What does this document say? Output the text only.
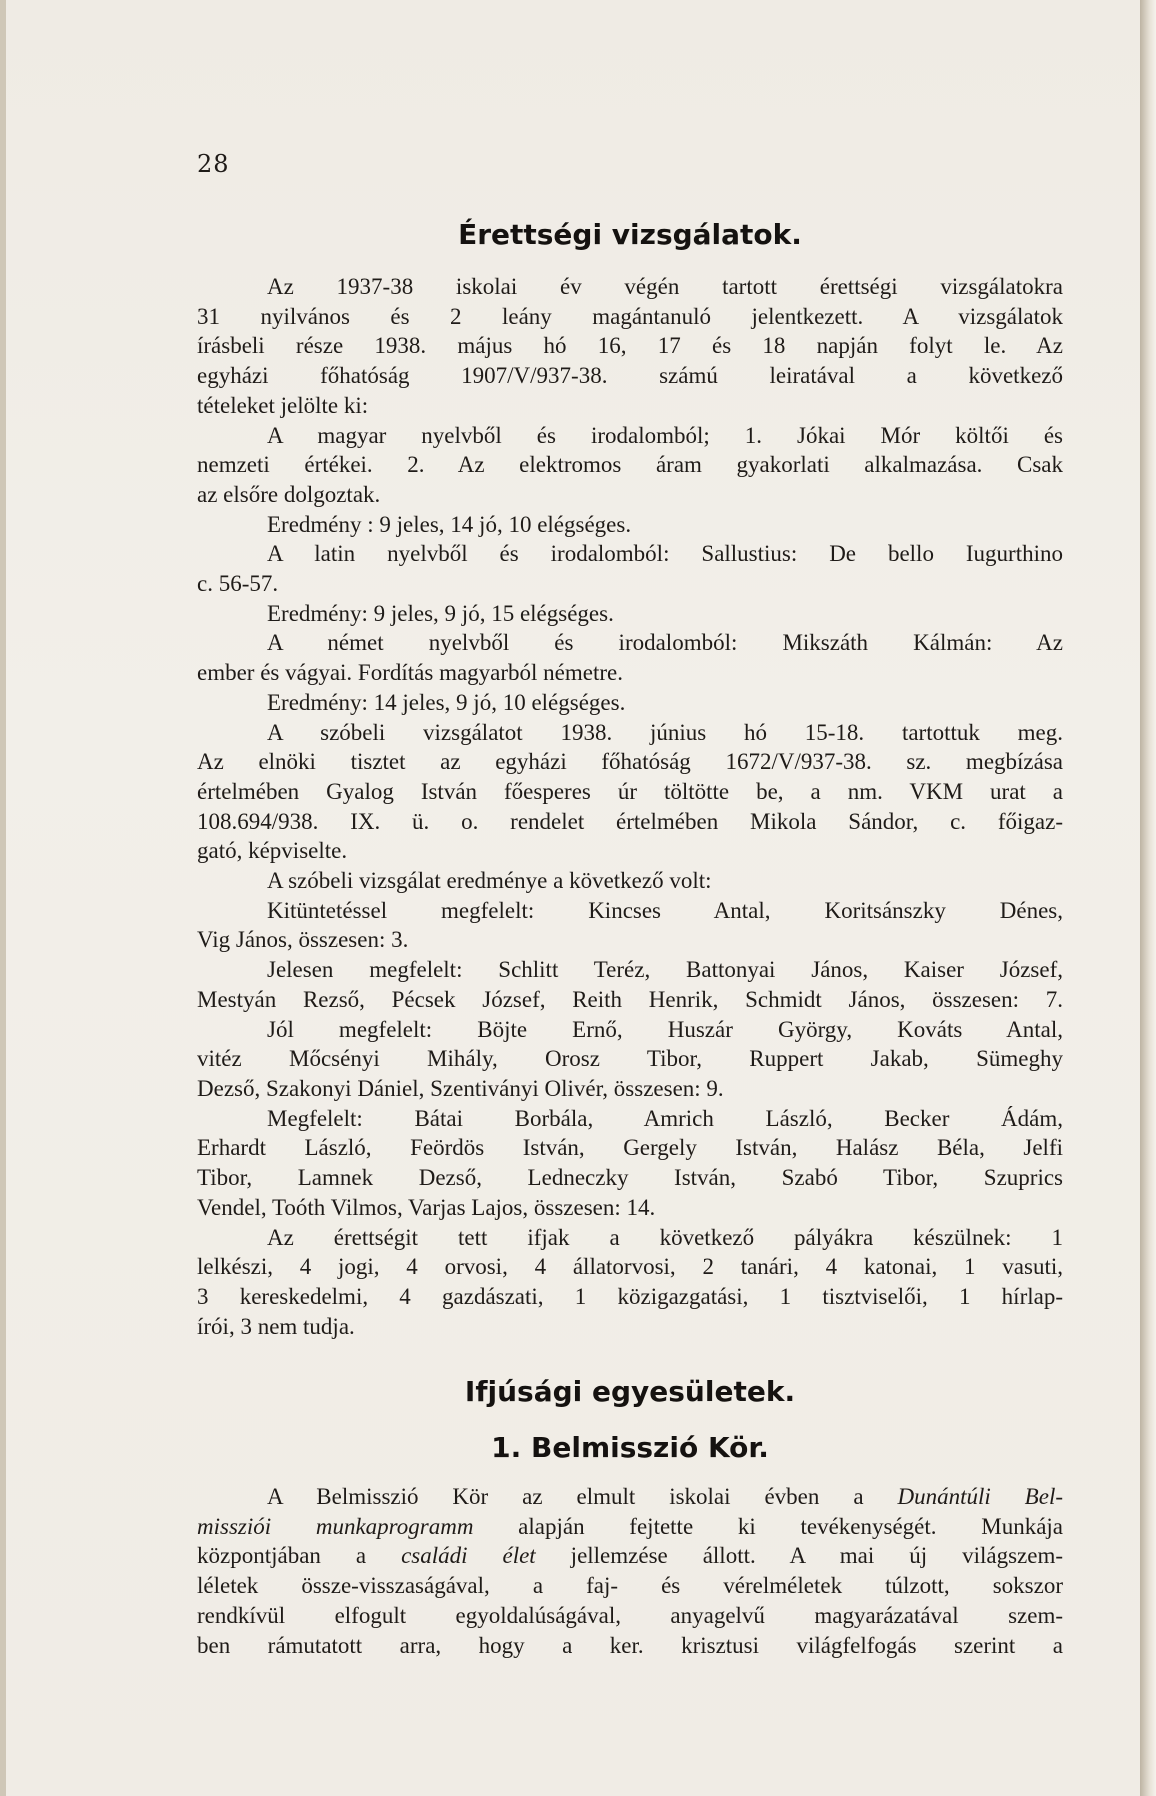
28
Érettségi vizsgálatok.
Az 1937-38 iskolai év végén tartott érettségi vizsgálatokra
31 nyilvános és 2 leány magántanuló jelentkezett. A vizsgálatok
írásbeli része 1938. május hó 16, 17 és 18 napján folyt le. Az
egyházi főhatóság 1907/V/937-38. számú leiratával a következő
tételeket jelölte ki:
A magyar nyelvből és irodalomból; 1. Jókai Mór költői és
nemzeti értékei. 2. Az elektromos áram gyakorlati alkalmazása. Csak
az elsőre dolgoztak.
Eredmény : 9 jeles, 14 jó, 10 elégséges.
A latin nyelvből és irodalomból: Sallustius: De bello Iugurthino
c. 56-57.
Eredmény: 9 jeles, 9 jó, 15 elégséges.
A német nyelvből és irodalomból: Mikszáth Kálmán: Az
ember és vágyai. Fordítás magyarból németre.
Eredmény: 14 jeles, 9 jó, 10 elégséges.
A szóbeli vizsgálatot 1938. június hó 15-18. tartottuk meg.
Az elnöki tisztet az egyházi főhatóság 1672/V/937-38. sz. megbízása
értelmében Gyalog István főesperes úr töltötte be, a nm. VKM urat a
108.694/938. IX. ü. o. rendelet értelmében Mikola Sándor, c. főigaz-
gató, képviselte.
A szóbeli vizsgálat eredménye a következő volt:
Kitüntetéssel megfelelt: Kincses Antal, Koritsánszky Dénes,
Vig János, összesen: 3.
Jelesen megfelelt: Schlitt Teréz, Battonyai János, Kaiser József,
Mestyán Rezső, Pécsek József, Reith Henrik, Schmidt János, összesen: 7.
Jól megfelelt: Böjte Ernő, Huszár György, Kováts Antal,
vitéz Mőcsényi Mihály, Orosz Tibor, Ruppert Jakab, Sümeghy
Dezső, Szakonyi Dániel, Szentiványi Olivér, összesen: 9.
Megfelelt: Bátai Borbála, Amrich László, Becker Ádám,
Erhardt László, Feördös István, Gergely István, Halász Béla, Jelfi
Tibor, Lamnek Dezső, Ledneczky István, Szabó Tibor, Szuprics
Vendel, Toóth Vilmos, Varjas Lajos, összesen: 14.
Az érettségit tett ifjak a következő pályákra készülnek: 1
lelkészi, 4 jogi, 4 orvosi, 4 állatorvosi, 2 tanári, 4 katonai, 1 vasuti,
3 kereskedelmi, 4 gazdászati, 1 közigazgatási, 1 tisztviselői, 1 hírlap-
írói, 3 nem tudja.
Ifjúsági egyesületek.
1. Belmisszió Kör.
A Belmisszió Kör az elmult iskolai évben a Dunántúli Bel-
missziói munkaprogramm alapján fejtette ki tevékenységét. Munkája
központjában a családi élet jellemzése állott. A mai új világszem-
léletek össze-visszaságával, a faj- és vérelméletek túlzott, sokszor
rendkívül elfogult egyoldalúságával, anyagelvű magyarázatával szem-
ben rámutatott arra, hogy a ker. krisztusi világfelfogás szerint a
